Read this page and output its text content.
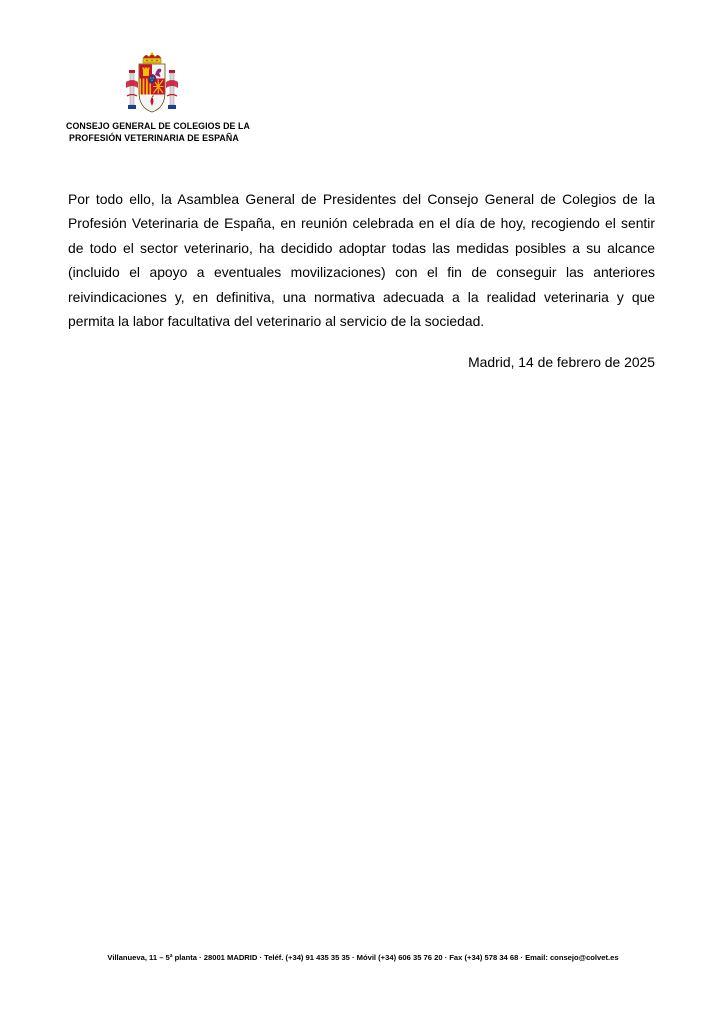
CONSEJO GENERAL DE COLEGIOS DE LA
PROFESIÓN VETERINARIA DE ESPAÑA

Por todo ello, la Asamblea General de Presidentes del Consejo General de Colegios de la Profesión Veterinaria de España, en reunión celebrada en el día de hoy, recogiendo el sentir de todo el sector veterinario, ha decidido adoptar todas las medidas posibles a su alcance (incluido el apoyo a eventuales movilizaciones) con el fin de conseguir las anteriores reivindicaciones y, en definitiva, una normativa adecuada a la realidad veterinaria y que permita la labor facultativa del veterinario al servicio de la sociedad.

Madrid, 14 de febrero de 2025
Villanueva, 11 – 5ª planta · 28001 MADRID · Teléf. (+34) 91 435 35 35 · Móvil (+34) 606 35 76 20 · Fax (+34) 578 34 68 · Email: consejo@colvet.es
